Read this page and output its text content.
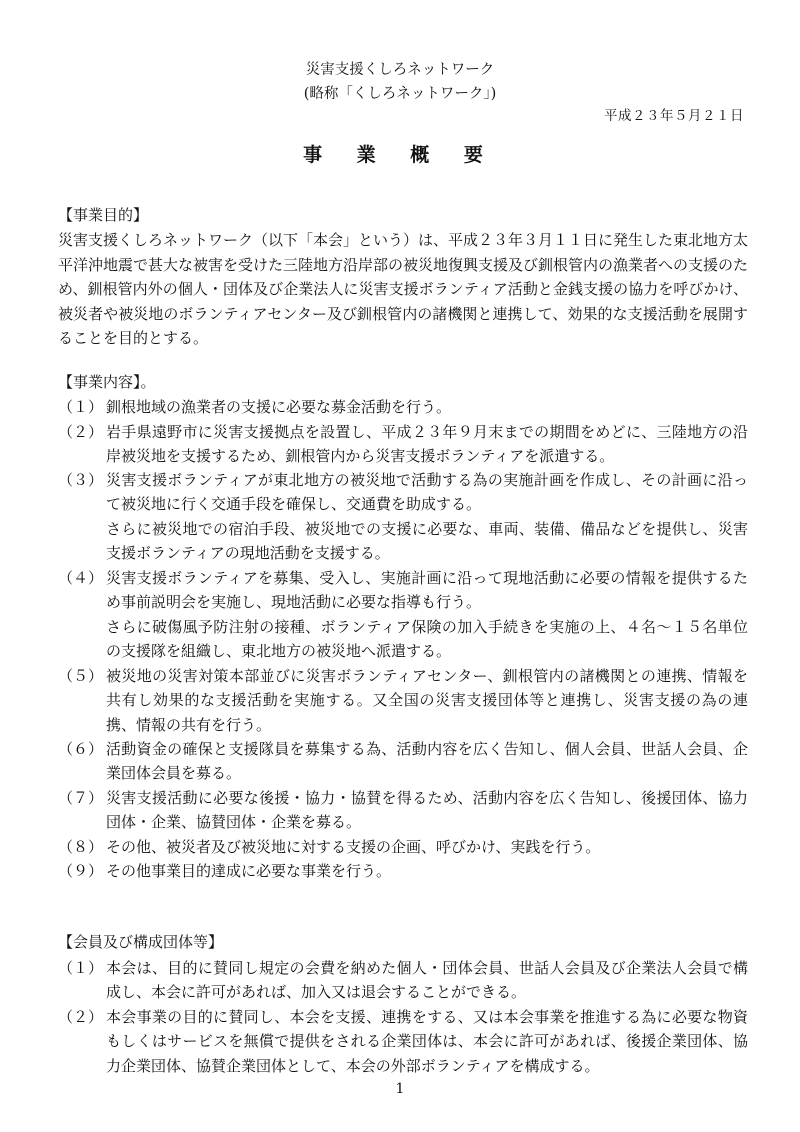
災害支援くしろネットワーク
(略称「くしろネットワーク」)
平成２３年５月２１日
事 業 概 要
【事業目的】
災害支援くしろネットワーク（以下「本会」という）は、平成２３年３月１１日に発生した東北地方太平洋沖地震で甚大な被害を受けた三陸地方沿岸部の被災地復興支援及び釧根管内の漁業者への支援のため、釧根管内外の個人・団体及び企業法人に災害支援ボランティア活動と金銭支援の協力を呼びかけ、被災者や被災地のボランティアセンター及び釧根管内の諸機関と連携して、効果的な支援活動を展開することを目的とする。
【事業内容】。
（１） 釧根地域の漁業者の支援に必要な募金活動を行う。
（２） 岩手県遠野市に災害支援拠点を設置し、平成２３年９月末までの期間をめどに、三陸地方の沿岸被災地を支援するため、釧根管内から災害支援ボランティアを派遣する。
（３） 災害支援ボランティアが東北地方の被災地で活動する為の実施計画を作成し、その計画に沿って被災地に行く交通手段を確保し、交通費を助成する。
さらに被災地での宿泊手段、被災地での支援に必要な、車両、装備、備品などを提供し、災害支援ボランティアの現地活動を支援する。
（４） 災害支援ボランティアを募集、受入し、実施計画に沿って現地活動に必要の情報を提供するため事前説明会を実施し、現地活動に必要な指導も行う。
さらに破傷風予防注射の接種、ボランティア保険の加入手続きを実施の上、４名～１５名単位の支援隊を組織し、東北地方の被災地へ派遣する。
（５） 被災地の災害対策本部並びに災害ボランティアセンター、釧根管内の諸機関との連携、情報を共有し効果的な支援活動を実施する。又全国の災害支援団体等と連携し、災害支援の為の連携、情報の共有を行う。
（６） 活動資金の確保と支援隊員を募集する為、活動内容を広く告知し、個人会員、世話人会員、企業団体会員を募る。
（７） 災害支援活動に必要な後援・協力・協賛を得るため、活動内容を広く告知し、後援団体、協力団体・企業、協賛団体・企業を募る。
（８） その他、被災者及び被災地に対する支援の企画、呼びかけ、実践を行う。
（９） その他事業目的達成に必要な事業を行う。
【会員及び構成団体等】
（１） 本会は、目的に賛同し規定の会費を納めた個人・団体会員、世話人会員及び企業法人会員で構成し、本会に許可があれば、加入又は退会することができる。
（２） 本会事業の目的に賛同し、本会を支援、連携をする、又は本会事業を推進する為に必要な物資もしくはサービスを無償で提供をされる企業団体は、本会に許可があれば、後援企業団体、協力企業団体、協賛企業団体として、本会の外部ボランティアを構成する。
1
